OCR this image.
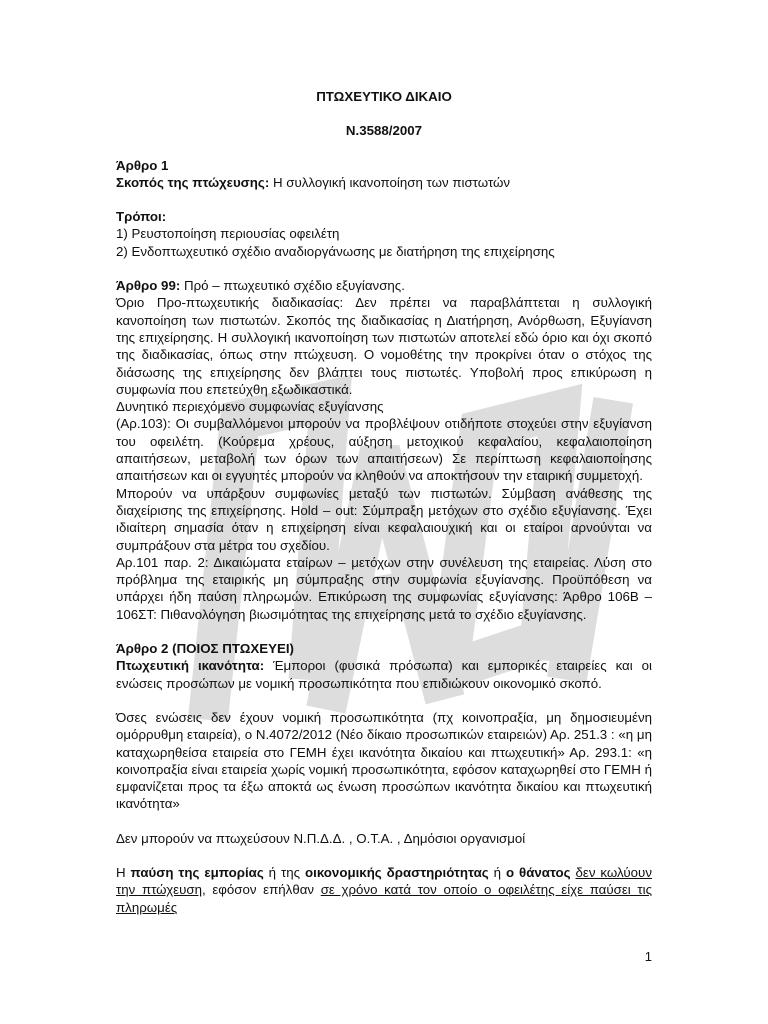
ΠΤΩΧΕΥΤΙΚΟ ΔΙΚΑΙΟ

Ν.3588/2007

Άρθρο 1

Σκοπός της πτώχευσης: Η συλλογική ικανοποίηση των πιστωτών

Τρόποι:

1) Ρευστοποίηση περιουσίας οφειλέτη

2) Ενδοπτωχευτικό σχέδιο αναδιοργάνωσης με διατήρηση της επιχείρησης

Άρθρο 99: Πρό – πτωχευτικό σχέδιο εξυγίανσης.

Όριο Προ-πτωχευτικής διαδικασίας: Δεν πρέπει να παραβλάπτεται η συλλογική κανοποίηση των πιστωτών. Σκοπός της διαδικασίας η Διατήρηση, Ανόρθωση, Εξυγίανση της επιχείρησης. Η συλλογική ικανοποίηση των πιστωτών αποτελεί εδώ όριο και όχι σκοπό της διαδικασίας, όπως στην πτώχευση. Ο νομοθέτης την προκρίνει όταν ο στόχος της διάσωσης της επιχείρησης δεν βλάπτει τους πιστωτές. Υποβολή προς επικύρωση η συμφωνία που επετεύχθη εξωδικαστικά.

Δυνητικό περιεχόμενο συμφωνίας εξυγίανσης

(Αρ.103): Οι συμβαλλόμενοι μπορούν να προβλέψουν οτιδήποτε στοχεύει στην εξυγίανση του οφειλέτη. (Κούρεμα χρέους, αύξηση μετοχικού κεφαλαίου, κεφαλαιοποίηση απαιτήσεων, μεταβολή των όρων των απαιτήσεων) Σε περίπτωση κεφαλαιοποίησης απαιτήσεων και οι εγγυητές μπορούν να κληθούν να αποκτήσουν την εταιρική συμμετοχή.

Μπορούν να υπάρξουν συμφωνίες μεταξύ των πιστωτών. Σύμβαση ανάθεσης της διαχείρισης της επιχείρησης. Hold – out: Σύμπραξη μετόχων στο σχέδιο εξυγίανσης. Έχει ιδιαίτερη σημασία όταν η επιχείρηση είναι κεφαλαιουχική και οι εταίροι αρνούνται να συμπράξουν στα μέτρα του σχεδίου.

Αρ.101 παρ. 2: Δικαιώματα εταίρων – μετόχων στην συνέλευση της εταιρείας. Λύση στο πρόβλημα της εταιρικής μη σύμπραξης στην συμφωνία εξυγίανσης. Προϋπόθεση να υπάρχει ήδη παύση πληρωμών. Επικύρωση της συμφωνίας εξυγίανσης: Άρθρο 106Β – 106ΣΤ: Πιθανολόγηση βιωσιμότητας της επιχείρησης μετά το σχέδιο εξυγίανσης.

Άρθρο 2 (ΠΟΙΟΣ ΠΤΩΧΕΥΕΙ)

Πτωχευτική ικανότητα: Έμποροι (φυσικά πρόσωπα) και εμπορικές εταιρείες και οι ενώσεις προσώπων με νομική προσωπικότητα που επιδιώκουν οικονομικό σκοπό.

Όσες ενώσεις δεν έχουν νομική προσωπικότητα (πχ κοινοπραξία, μη δημοσιευμένη ομόρρυθμη εταιρεία), ο Ν.4072/2012 (Νέο δίκαιο προσωπικών εταιρειών) Αρ. 251.3 : «η μη καταχωρηθείσα εταιρεία στο ΓΕΜΗ έχει ικανότητα δικαίου και πτωχευτική» Αρ. 293.1: «η κοινοπραξία είναι εταιρεία χωρίς νομική προσωπικότητα, εφόσον καταχωρηθεί στο ΓΕΜΗ ή εμφανίζεται προς τα έξω αποκτά ως ένωση προσώπων ικανότητα δικαίου και πτωχευτική ικανότητα»

Δεν μπορούν να πτωχεύσουν Ν.Π.Δ.Δ. , Ο.Τ.Α. , Δημόσιοι οργανισμοί

Η παύση της εμπορίας ή της οικονομικής δραστηριότητας ή ο θάνατος δεν κωλύουν την πτώχευση, εφόσον επήλθαν σε χρόνο κατά τον οποίο ο οφειλέτης είχε παύσει τις πληρωμές

1
